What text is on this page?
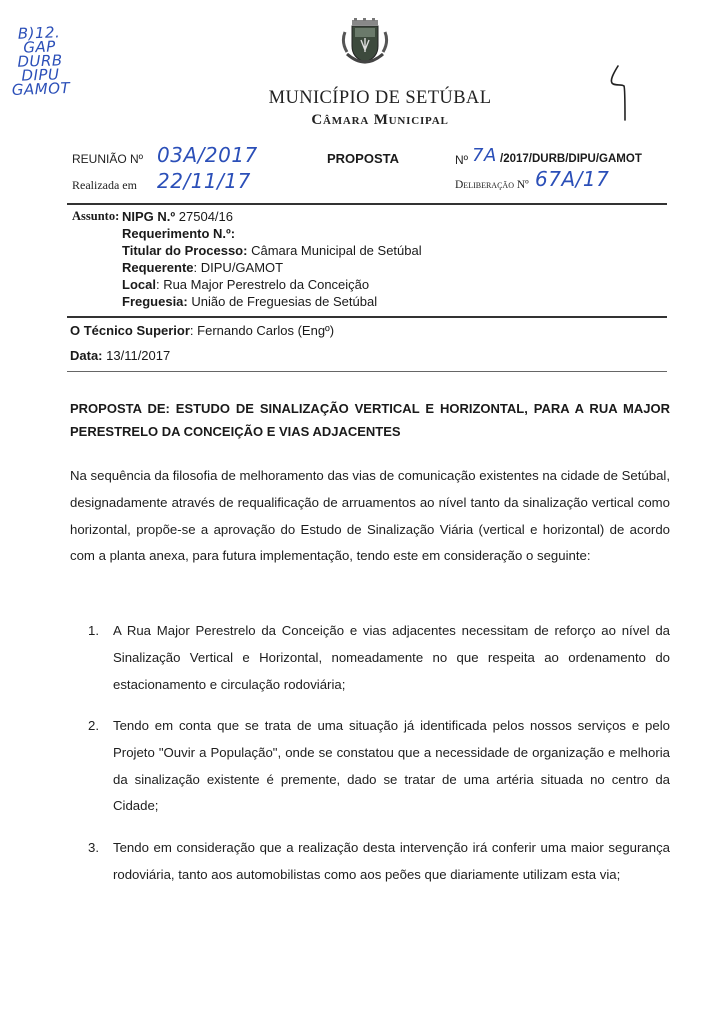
B)12.
GAP
DURB
DIPU
GAMOT	MUNICÍPIO DE SETÚBAL
Câmara Municipal
REUNIÃO Nº 03A/2017
Realizada em 22/11/17
PROPOSTA	Nº 7A /2017/DURB/DIPU/GAMOT
Deliberação Nº 67A/17
Assunto: NIPG N.º 27504/16
Requerimento N.º:
Titular do Processo: Câmara Municipal de Setúbal
Requerente: DIPU/GAMOT
Local: Rua Major Perestrelo da Conceição
Freguesia: União de Freguesias de Setúbal
O Técnico Superior: Fernando Carlos (Engº)
Data: 13/11/2017
PROPOSTA DE: ESTUDO DE SINALIZAÇÃO VERTICAL E HORIZONTAL, PARA A RUA MAJOR PERESTRELO DA CONCEIÇÃO E VIAS ADJACENTES
Na sequência da filosofia de melhoramento das vias de comunicação existentes na cidade de Setúbal, designadamente através de requalificação de arruamentos ao nível tanto da sinalização vertical como horizontal, propõe-se a aprovação do Estudo de Sinalização Viária (vertical e horizontal) de acordo com a planta anexa, para futura implementação, tendo este em consideração o seguinte:
1. A Rua Major Perestrelo da Conceição e vias adjacentes necessitam de reforço ao nível da Sinalização Vertical e Horizontal, nomeadamente no que respeita ao ordenamento do estacionamento e circulação rodoviária;
2. Tendo em conta que se trata de uma situação já identificada pelos nossos serviços e pelo Projeto "Ouvir a População", onde se constatou que a necessidade de organização e melhoria da sinalização existente é premente, dado se tratar de uma artéria situada no centro da Cidade;
3. Tendo em consideração que a realização desta intervenção irá conferir uma maior segurança rodoviária, tanto aos automobilistas como aos peões que diariamente utilizam esta via;
